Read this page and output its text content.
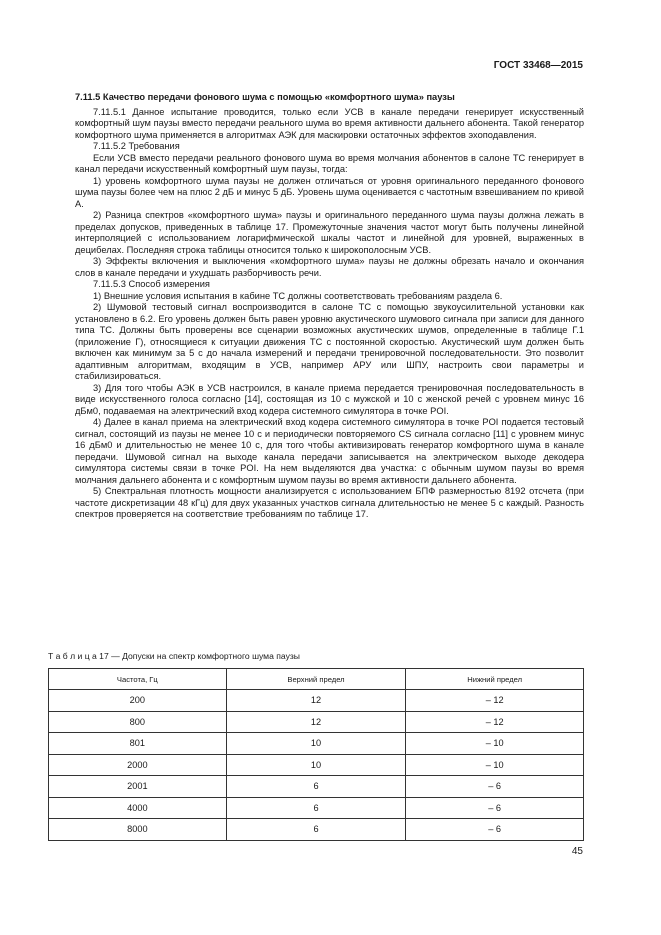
ГОСТ 33468—2015
7.11.5 Качество передачи фонового шума с помощью «комфортного шума» паузы

7.11.5.1 Данное испытание проводится, только если УСВ в канале передачи генерирует искусственный комфортный шум паузы вместо передачи реального шума во время активности дальнего абонента. Такой генератор комфортного шума применяется в алгоритмах АЭК для маскировки остаточных эффектов эхоподавления.

7.11.5.2 Требования

Если УСВ вместо передачи реального фонового шума во время молчания абонентов в салоне ТС генерирует в канал передачи искусственный комфортный шум паузы, тогда:

1) уровень комфортного шума паузы не должен отличаться от уровня оригинального переданного фонового шума паузы более чем на плюс 2 дБ и минус 5 дБ. Уровень шума оценивается с частотным взвешиванием по кривой А.

2) Разница спектров «комфортного шума» паузы и оригинального переданного шума паузы должна лежать в пределах допусков, приведенных в таблице 17. Промежуточные значения частот могут быть получены линейной интерполяцией с использованием логарифмической шкалы частот и линейной для уровней, выраженных в децибелах. Последняя строка таблицы относится только к широкополосным УСВ.

3) Эффекты включения и выключения «комфортного шума» паузы не должны обрезать начало и окончания слов в канале передачи и ухудшать разборчивость речи.

7.11.5.3 Способ измерения

1) Внешние условия испытания в кабине ТС должны соответствовать требованиям раздела 6.

2) Шумовой тестовый сигнал воспроизводится в салоне ТС с помощью звукоусилительной установки как установлено в 6.2. Его уровень должен быть равен уровню акустического шумового сигнала при записи для данного типа ТС. Должны быть проверены все сценарии возможных акустических шумов, определенные в таблице Г.1 (приложение Г), относящиеся к ситуации движения ТС с постоянной скоростью. Акустический шум должен быть включен как минимум за 5 с до начала измерений и передачи тренировочной последовательности. Это позволит адаптивным алгоритмам, входящим в УСВ, например АРУ или ШПУ, настроить свои параметры и стабилизироваться.

3) Для того чтобы АЭК в УСВ настроился, в канале приема передается тренировочная последовательность в виде искусственного голоса согласно [14], состоящая из 10 с мужской и 10 с женской речей с уровнем минус 16 дБм0, подаваемая на электрический вход кодера системного симулятора в точке POI.

4) Далее в канал приема на электрический вход кодера системного симулятора в точке POI подается тестовый сигнал, состоящий из паузы не менее 10 с и периодически повторяемого CS сигнала согласно [11] с уровнем минус 16 дБм0 и длительностью не менее 10 с, для того чтобы активизировать генератор комфортного шума в канале передачи. Шумовой сигнал на выходе канала передачи записывается на электрическом выходе декодера симулятора системы связи в точке POI. На нем выделяются два участка: с обычным шумом паузы во время молчания дальнего абонента и с комфортным шумом паузы во время активности дальнего абонента.

5) Спектральная плотность мощности анализируется с использованием БПФ размерностью 8192 отсчета (при частоте дискретизации 48 кГц) для двух указанных участков сигнала длительностью не менее 5 с каждый. Разность спектров проверяется на соответствие требованиям по таблице 17.

Т а б л и ц а 17 — Допуски на спектр комфортного шума паузы
Частота, Гц	Верхний предел	Нижний предел
200	12	– 12
800	12	– 12
801	10	– 10
2000	10	– 10
2001	6	– 6
4000	6	– 6
8000	6	– 6
45
